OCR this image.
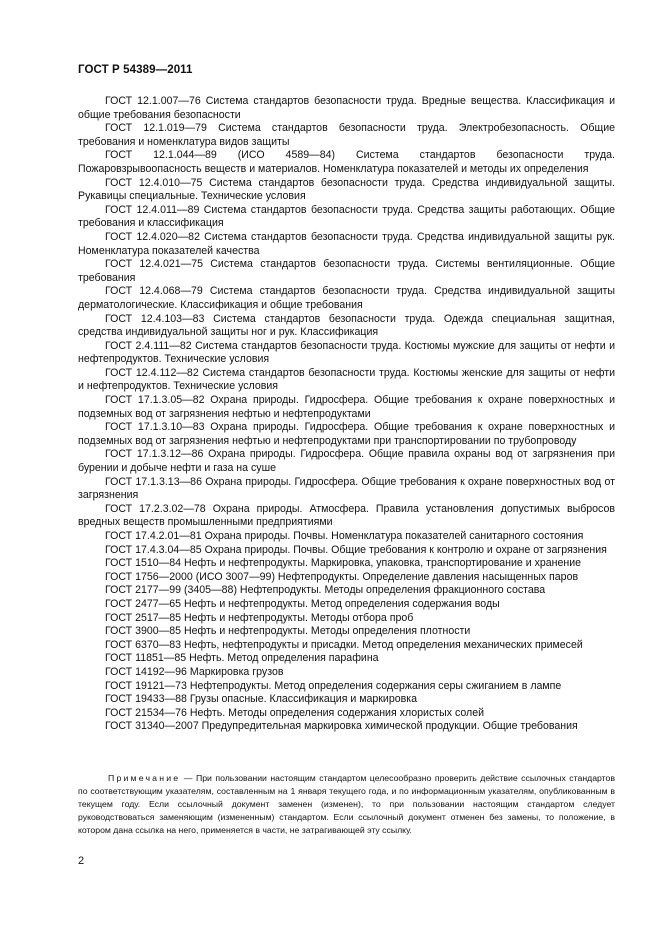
ГОСТ Р 54389—2011

ГОСТ 12.1.007—76 Система стандартов безопасности труда. Вредные вещества. Классификация и общие требования безопасности

ГОСТ 12.1.019—79 Система стандартов безопасности труда. Электробезопасность. Общие требования и номенклатура видов защиты

ГОСТ 12.1.044—89 (ИСО 4589—84) Система стандартов безопасности труда. Пожаровзрывоопасность веществ и материалов. Номенклатура показателей и методы их определения

ГОСТ 12.4.010—75 Система стандартов безопасности труда. Средства индивидуальной защиты. Рукавицы специальные. Технические условия

ГОСТ 12.4.011—89 Система стандартов безопасности труда. Средства защиты работающих. Общие требования и классификация

ГОСТ 12.4.020—82 Система стандартов безопасности труда. Средства индивидуальной защиты рук. Номенклатура показателей качества

ГОСТ 12.4.021—75 Система стандартов безопасности труда. Системы вентиляционные. Общие требования

ГОСТ 12.4.068—79 Система стандартов безопасности труда. Средства индивидуальной защиты дерматологические. Классификация и общие требования

ГОСТ 12.4.103—83 Система стандартов безопасности труда. Одежда специальная защитная, средства индивидуальной защиты ног и рук. Классификация

ГОСТ 2.4.111—82 Система стандартов безопасности труда. Костюмы мужские для защиты от нефти и нефтепродуктов. Технические условия

ГОСТ 12.4.112—82 Система стандартов безопасности труда. Костюмы женские для защиты от нефти и нефтепродуктов. Технические условия

ГОСТ 17.1.3.05—82 Охрана природы. Гидросфера. Общие требования к охране поверхностных и подземных вод от загрязнения нефтью и нефтепродуктами

ГОСТ 17.1.3.10—83 Охрана природы. Гидросфера. Общие требования к охране поверхностных и подземных вод от загрязнения нефтью и нефтепродуктами при транспортировании по трубопроводу

ГОСТ 17.1.3.12—86 Охрана природы. Гидросфера. Общие правила охраны вод от загрязнения при бурении и добыче нефти и газа на суше

ГОСТ 17.1.3.13—86 Охрана природы. Гидросфера. Общие требования к охране поверхностных вод от загрязнения

ГОСТ 17.2.3.02—78 Охрана природы. Атмосфера. Правила установления допустимых выбросов вредных веществ промышленными предприятиями

ГОСТ 17.4.2.01—81 Охрана природы. Почвы. Номенклатура показателей санитарного состояния

ГОСТ 17.4.3.04—85 Охрана природы. Почвы. Общие требования к контролю и охране от загрязнения

ГОСТ 1510—84 Нефть и нефтепродукты. Маркировка, упаковка, транспортирование и хранение

ГОСТ 1756—2000 (ИСО 3007—99) Нефтепродукты. Определение давления насыщенных паров

ГОСТ 2177—99 (3405—88) Нефтепродукты. Методы определения фракционного состава

ГОСТ 2477—65 Нефть и нефтепродукты. Метод определения содержания воды

ГОСТ 2517—85 Нефть и нефтепродукты. Методы отбора проб

ГОСТ 3900—85 Нефть и нефтепродукты. Методы определения плотности

ГОСТ 6370—83 Нефть, нефтепродукты и присадки. Метод определения механических примесей

ГОСТ 11851—85 Нефть. Метод определения парафина

ГОСТ 14192—96 Маркировка грузов

ГОСТ 19121—73 Нефтепродукты. Метод определения содержания серы сжиганием в лампе

ГОСТ 19433—88 Грузы опасные. Классификация и маркировка

ГОСТ 21534—76 Нефть. Методы определения содержания хлористых солей

ГОСТ 31340—2007 Предупредительная маркировка химической продукции. Общие требования

Примечание — При пользовании настоящим стандартом целесообразно проверить действие ссылочных стандартов по соответствующим указателям, составленным на 1 января текущего года, и по информационным указателям, опубликованным в текущем году. Если ссылочный документ заменен (изменен), то при пользовании настоящим стандартом следует руководствоваться заменяющим (измененным) стандартом. Если ссылочный документ отменен без замены, то положение, в котором дана ссылка на него, применяется в части, не затрагивающей эту ссылку.
2
